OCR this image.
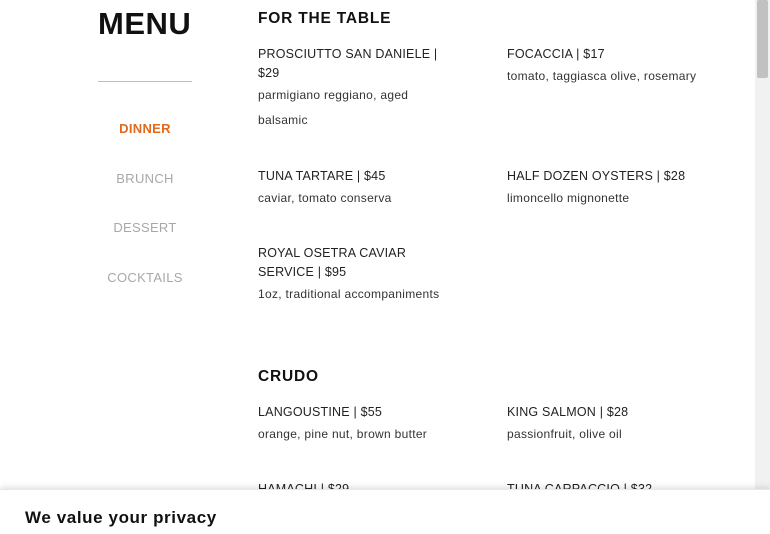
MENU
DINNER
BRUNCH
DESSERT
COCKTAILS
FOR THE TABLE
PROSCIUTTO SAN DANIELE | $29
parmigiano reggiano, aged balsamic
FOCACCIA | $17
tomato, taggiasca olive, rosemary
TUNA TARTARE | $45
caviar, tomato conserva
HALF DOZEN OYSTERS | $28
limoncello mignonette
ROYAL OSETRA CAVIAR SERVICE | $95
1oz, traditional accompaniments
CRUDO
LANGOUSTINE | $55
orange, pine nut, brown butter
KING SALMON | $28
passionfruit, olive oil
We value your privacy
